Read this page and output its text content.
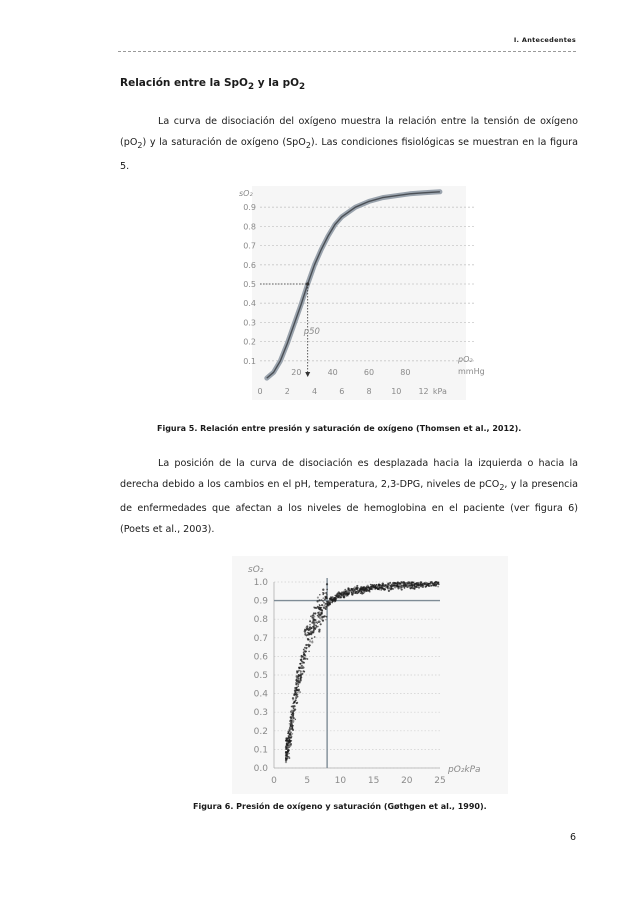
I. Antecedentes
Relación entre la SpO$_2$ y la $pO_2$

La curva de disociación del oxígeno muestra la relación entre la tensión de oxígeno $(pO_2)$ y la saturación de oxígeno (SpO$_2$). Las condiciones fisiológicas se muestran en la figura 5.

0.1
0.2
0.3
0.4
0.5
0.6
0.7
0.8
0.9
sO₂
0	2	4	6	8 10 12 kPa
20	40	60	80
pO₂
mmHg
p50

Figura 5. Relación entre presión y saturación de oxígeno (Thomsen et al., 2012).

La posición de la curva de disociación es desplazada hacia la izquierda o hacia la derecha debido a los cambios en el pH, temperatura, 2,3-DPG, niveles de pCO$_2$, y la presencia de enfermedades que afectan a los niveles de hemoglobina en el paciente (ver figura 6) (Poets et al., 2003).

0.0
0.1
0.2
0.3
0.4
0.5
0.6
0.7
0.8
0.9
1.0
0	5	10 15 20 25
sO₂
pO₂kPa

Figura 6. Presión de oxígeno y saturación (Gøthgen et al., 1990).

6
